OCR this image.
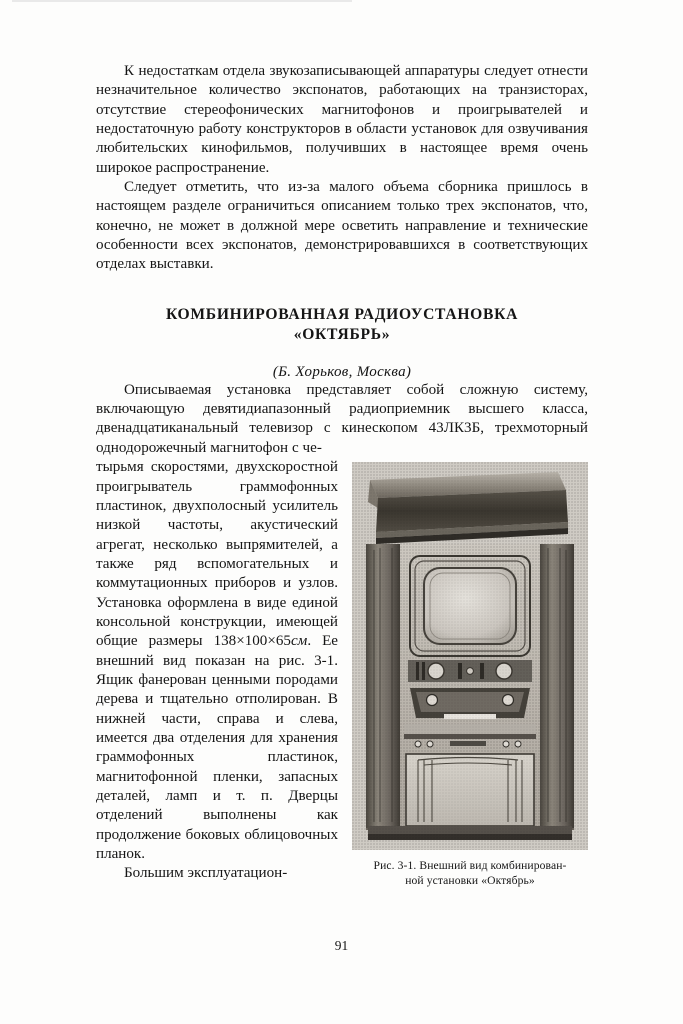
К недостаткам отдела звукозаписывающей аппаратуры следует отнести незначительное количество экспонатов, работающих на транзисторах, отсутствие стереофонических магнитофонов и проигрывателей и недостаточную работу конструкторов в области установок для озвучивания любительских кинофильмов, получивших в настоящее время очень широкое распространение.

Следует отметить, что из-за малого объема сборника пришлось в настоящем разделе ограничиться описанием только трех экспонатов, что, конечно, не может в должной мере осветить направление и технические особенности всех экспонатов, демонстрировавшихся в соответствующих отделах выставки.

КОМБИНИРОВАННАЯ РАДИОУСТАНОВКА
«ОКТЯБРЬ»
(Б. Хорьков, Москва)

Описываемая установка представляет собой сложную систему, включающую девятидиапазонный радиоприемник высшего класса, двенадцатиканальный телевизор с кинескопом 43ЛК3Б, трехмоторный однодорожечный магнитофон с че-

Рис. 3-1. Внешний вид комбинирован-
ной установки «Октябрь»
тырьмя скоростями, двухскоростной проигрыватель граммофонных пластинок, двухполосный усилитель низкой частоты, акустический агрегат, несколько выпрямителей, а также ряд вспомогательных и коммутационных приборов и узлов. Установка оформлена в виде единой консольной конструкции, имеющей общие размеры 138×100×65см. Ее внешний вид показан на рис. 3-1. Ящик фанерован ценными породами дерева и тщательно отполирован. В нижней части, справа и слева, имеется два отделения для хранения граммофонных пластинок, магнитофонной пленки, запасных деталей, ламп и т. п. Дверцы отделений выполнены как продолжение боковых облицовочных планок.

Большим эксплуатацион-

91
